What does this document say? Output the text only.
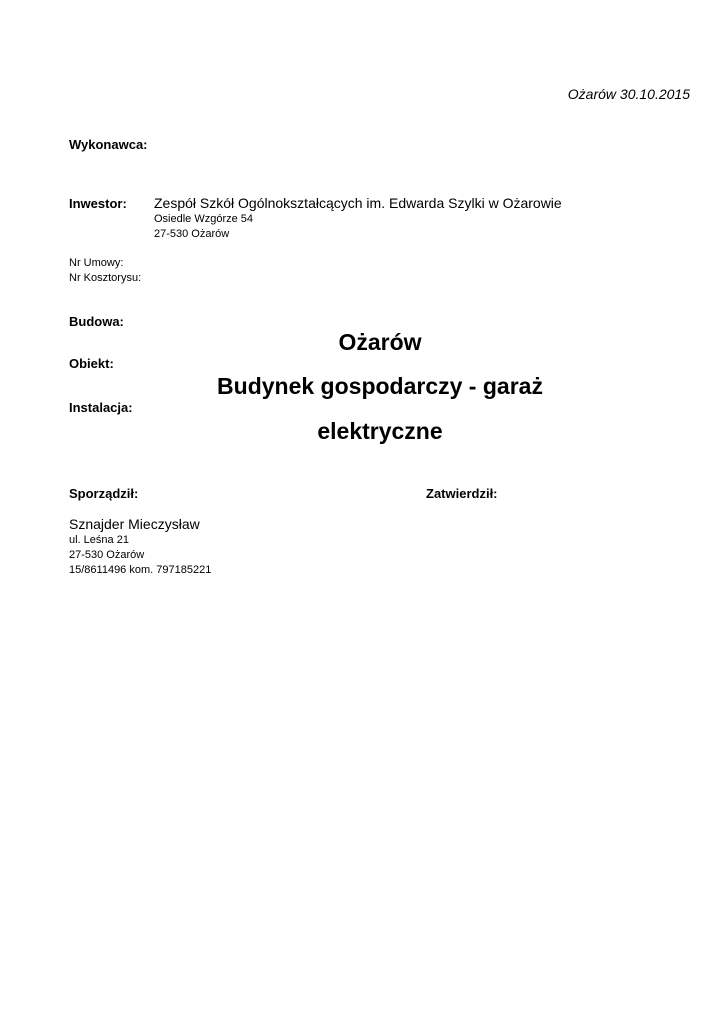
Ożarów 30.10.2015
Wykonawca:
Inwestor: Zespół Szkół Ogólnokształcących im. Edwarda Szylki w Ożarowie
Osiedle Wzgórze 54
27-530 Ożarów
Nr Umowy:
Nr Kosztorysu:
Budowa:
Ożarów
Obiekt:
Budynek gospodarczy - garaż
Instalacja:
elektryczne
Sporządził:	Zatwierdził:
Sznajder Mieczysław
ul. Leśna 21
27-530 Ożarów
15/8611496 kom. 797185221
